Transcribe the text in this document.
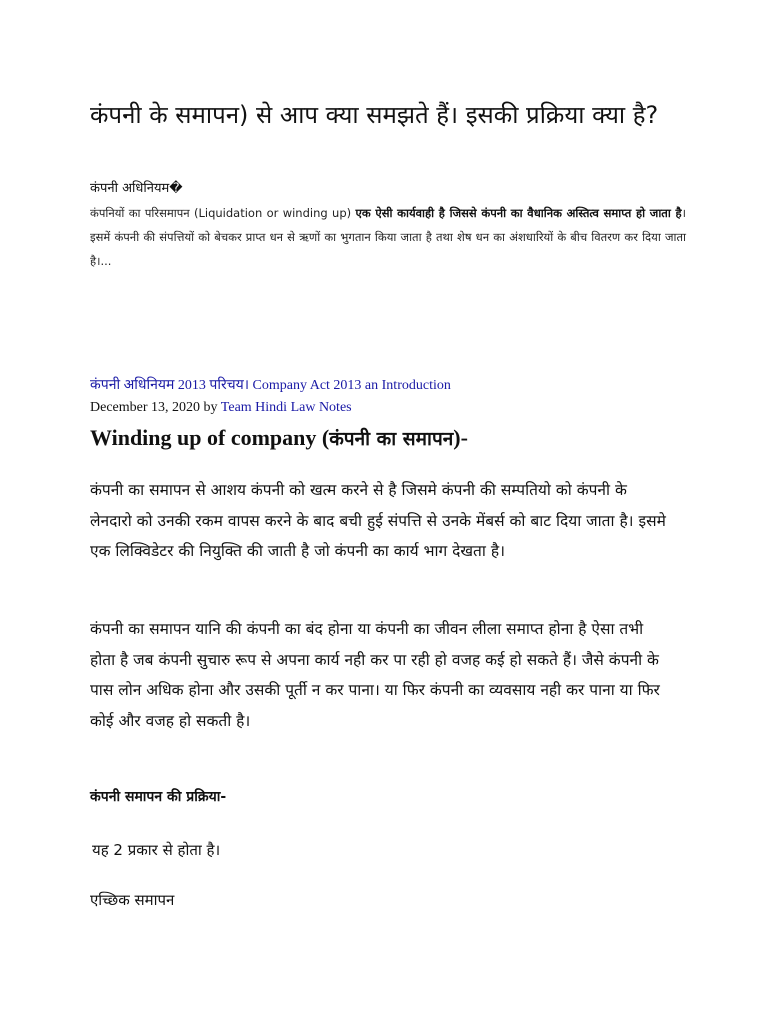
कंपनी के समापन) से आप क्या समझते हैं। इसकी प्रक्रिया क्या है?

कंपनी अधिनियम�

कंपनियों का परिसमापन (Liquidation or winding up) एक ऐसी कार्यवाही है जिससे कंपनी का वैधानिक अस्तित्व समाप्त हो जाता है। इसमें कंपनी की संपत्तियों को बेचकर प्राप्त धन से ऋणों का भुगतान किया जाता है तथा शेष धन का अंशधारियों के बीच वितरण कर दिया जाता है।...

कंपनी अधिनियम 2013 परिचय। Company Act 2013 an Introduction

December 13, 2020 by Team Hindi Law Notes

Winding up of company (कंपनी का समापन)-

कंपनी का समापन से आशय कंपनी को खत्म करने से है जिसमे कंपनी की सम्पतियो को कंपनी के लेनदारो को उनकी रकम वापस करने के बाद बची हुई संपत्ति से उनके मेंबर्स को बाट दिया जाता है। इसमे एक लिक्विडेटर की नियुक्ति की जाती है जो कंपनी का कार्य भाग देखता है।

कंपनी का समापन यानि की कंपनी का बंद होना या कंपनी का जीवन लीला समाप्त होना है ऐसा तभी होता है जब कंपनी सुचारु रूप से अपना कार्य नही कर पा रही हो वजह कई हो सकते हैं। जैसे कंपनी के पास लोन अधिक होना और उसकी पूर्ती न कर पाना। या फिर कंपनी का व्यवसाय नही कर पाना या फिर कोई और वजह हो सकती है।

कंपनी समापन की प्रक्रिया-

यह 2 प्रकार से होता है।

एच्छिक समापन
